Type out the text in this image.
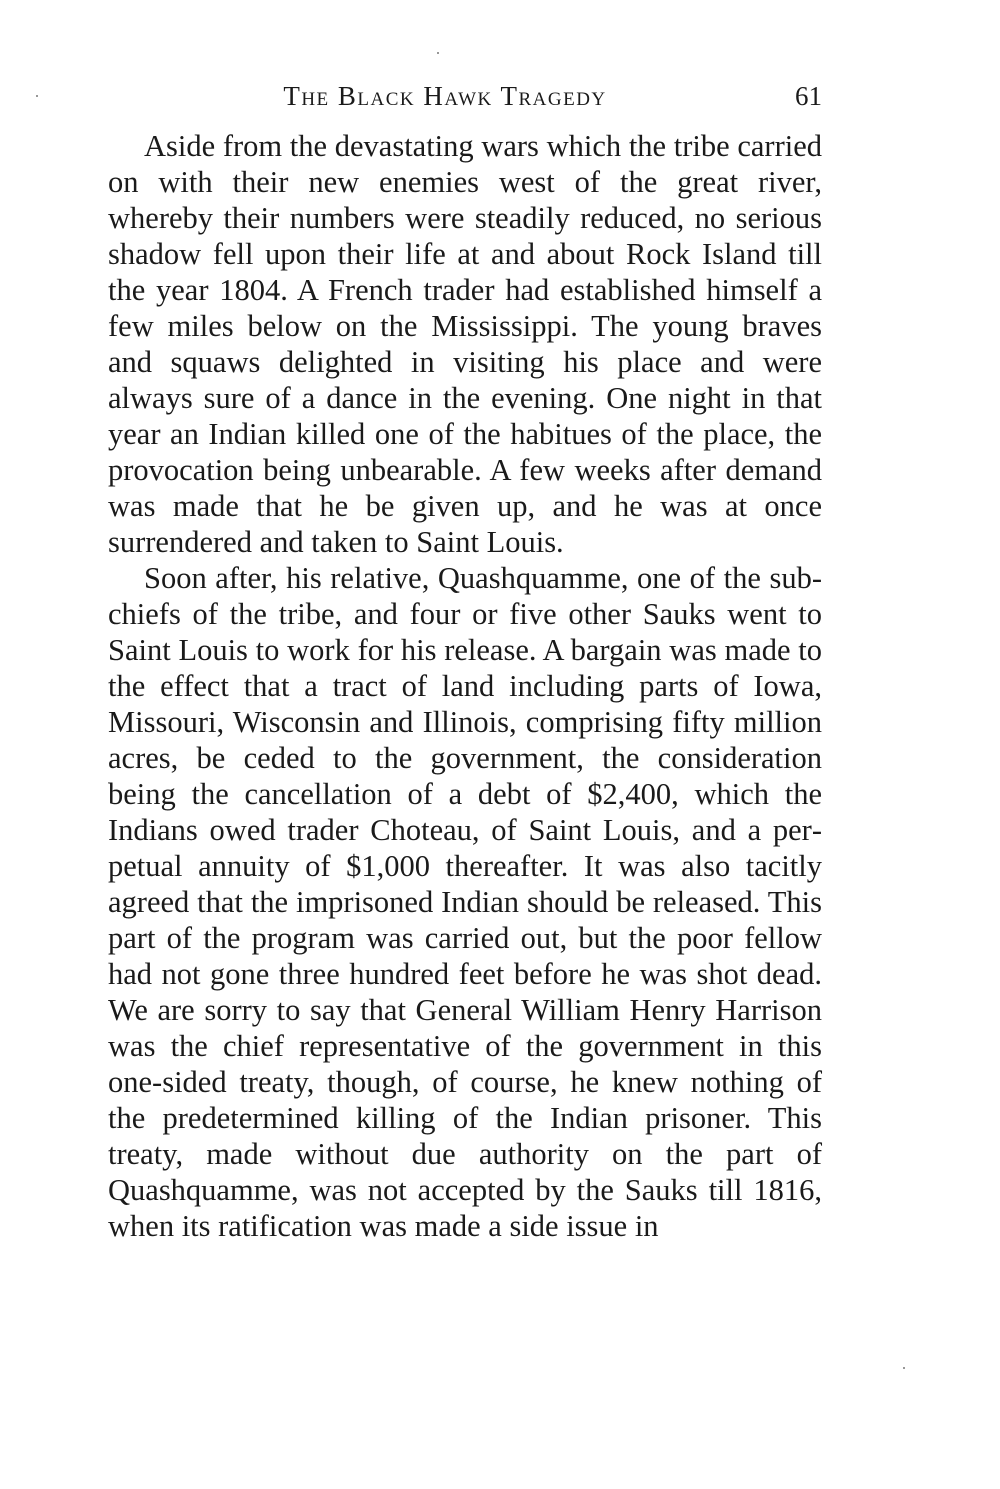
The Black Hawk Tragedy	61

Aside from the devastating wars which the tribe carried on with their new enemies west of the great river, whereby their numbers were steadily reduced, no serious shadow fell upon their life at and about Rock Island till the year 1804. A French trader had established himself a few miles below on the Mississippi. The young braves and squaws delighted in visiting his place and were always sure of a dance in the evening. One night in that year an Indian killed one of the habitues of the place, the provocation being unbearable. A few weeks after demand was made that he be given up, and he was at once surrendered and taken to Saint Louis.

Soon after, his relative, Quashquamme, one of the sub-chiefs of the tribe, and four or five other Sauks went to Saint Louis to work for his release. A bargain was made to the effect that a tract of land including parts of Iowa, Missouri, Wisconsin and Illinois, comprising fifty million acres, be ceded to the government, the consideration being the cancellation of a debt of $2,400, which the Indians owed trader Choteau, of Saint Louis, and a perpetual annuity of $1,000 thereafter. It was also tacitly agreed that the imprisoned Indian should be released. This part of the program was carried out, but the poor fellow had not gone three hundred feet before he was shot dead. We are sorry to say that General William Henry Harrison was the chief representative of the government in this one-sided treaty, though, of course, he knew nothing of the predetermined killing of the Indian prisoner. This treaty, made without due authority on the part of Quashquamme, was not accepted by the Sauks till 1816, when its ratification was made a side issue in
